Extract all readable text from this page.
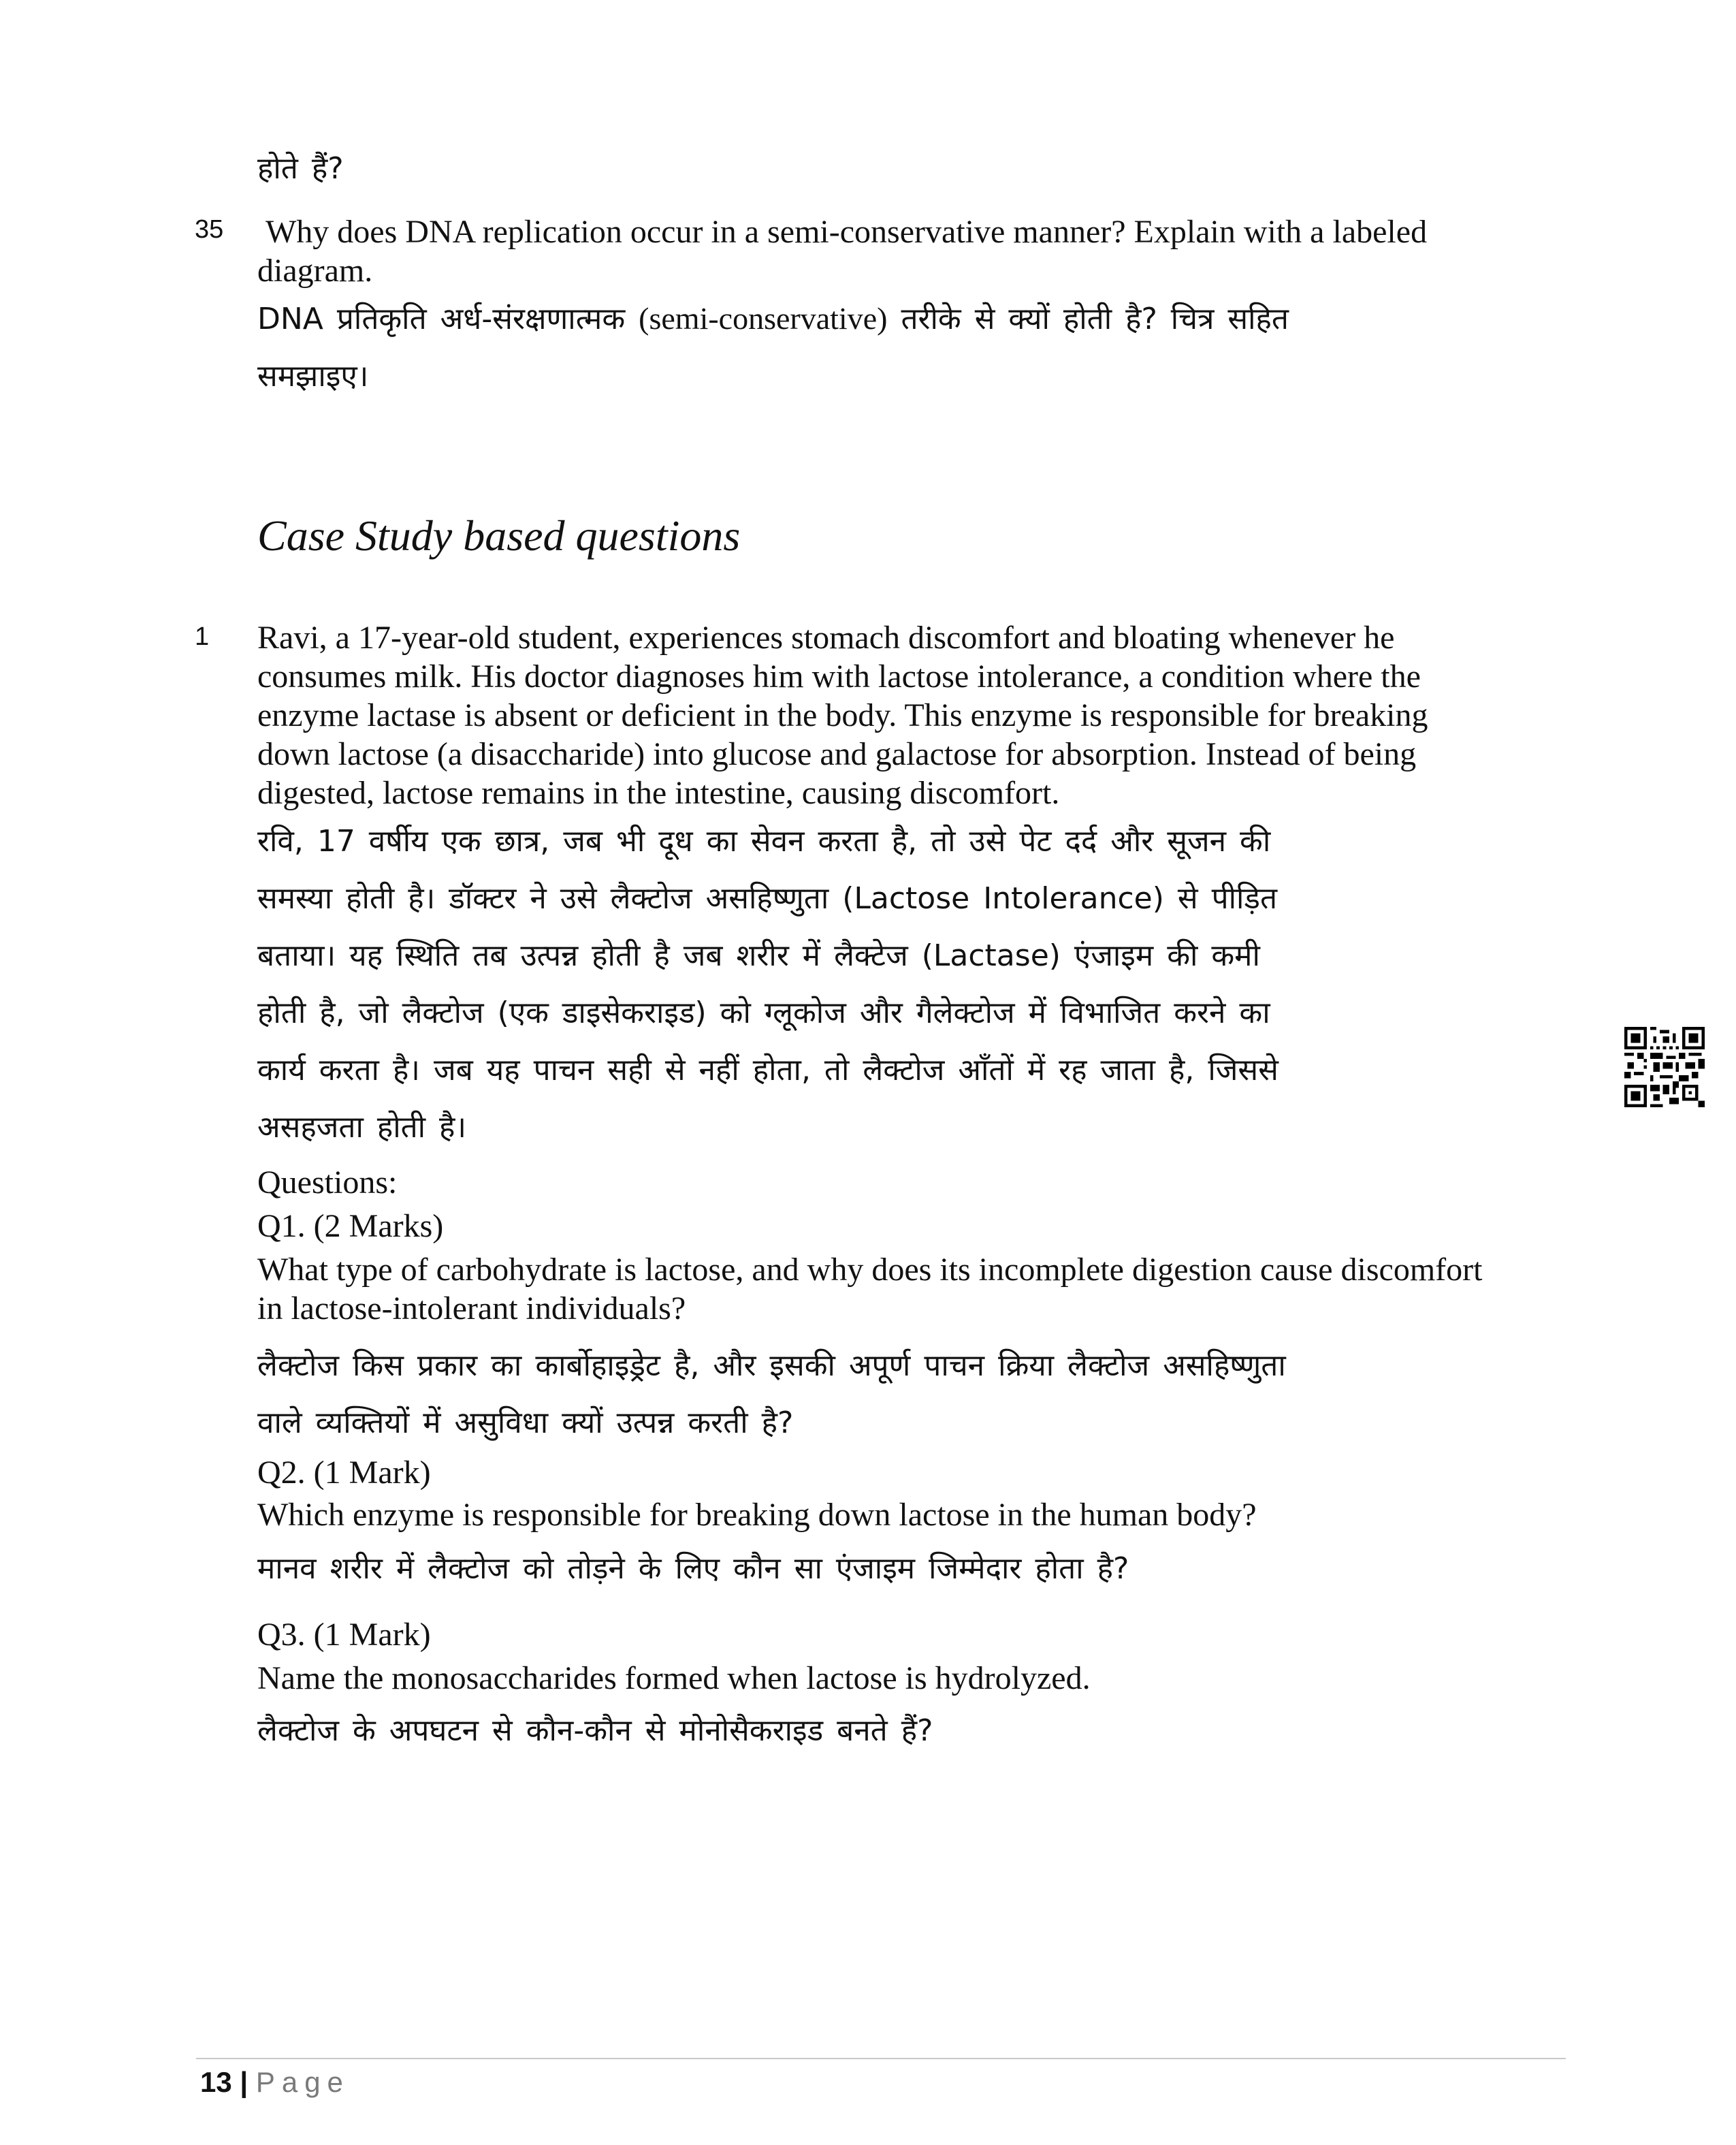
होते हैं?
35 Why does DNA replication occur in a semi-conservative manner? Explain with a labeled
diagram.
DNA प्रतिकृति अर्ध-संरक्षणात्मक (semi-conservative) तरीके से क्यों होती है? चित्र सहित
समझाइए।
Case Study based questions
1 Ravi, a 17-year-old student, experiences stomach discomfort and bloating whenever he
consumes milk. His doctor diagnoses him with lactose intolerance, a condition where the
enzyme lactase is absent or deficient in the body. This enzyme is responsible for breaking
down lactose (a disaccharide) into glucose and galactose for absorption. Instead of being
digested, lactose remains in the intestine, causing discomfort.
रवि, 17 वर्षीय एक छात्र, जब भी दूध का सेवन करता है, तो उसे पेट दर्द और सूजन की
समस्या होती है। डॉक्टर ने उसे लैक्टोज असहिष्णुता (Lactose Intolerance) से पीड़ित
बताया। यह स्थिति तब उत्पन्न होती है जब शरीर में लैक्टेज (Lactase) एंजाइम की कमी
होती है, जो लैक्टोज (एक डाइसेकराइड) को ग्लूकोज और गैलेक्टोज में विभाजित करने का
कार्य करता है। जब यह पाचन सही से नहीं होता, तो लैक्टोज आँतों में रह जाता है, जिससे
असहजता होती है।
Questions:
Q1. (2 Marks)
What type of carbohydrate is lactose, and why does its incomplete digestion cause discomfort
in lactose-intolerant individuals?
लैक्टोज किस प्रकार का कार्बोहाइड्रेट है, और इसकी अपूर्ण पाचन क्रिया लैक्टोज असहिष्णुता
वाले व्यक्तियों में असुविधा क्यों उत्पन्न करती है?
Q2. (1 Mark)
Which enzyme is responsible for breaking down lactose in the human body?
मानव शरीर में लैक्टोज को तोड़ने के लिए कौन सा एंजाइम जिम्मेदार होता है?
Q3. (1 Mark)
Name the monosaccharides formed when lactose is hydrolyzed.
लैक्टोज के अपघटन से कौन-कौन से मोनोसैकराइड बनते हैं?
13 | Page
